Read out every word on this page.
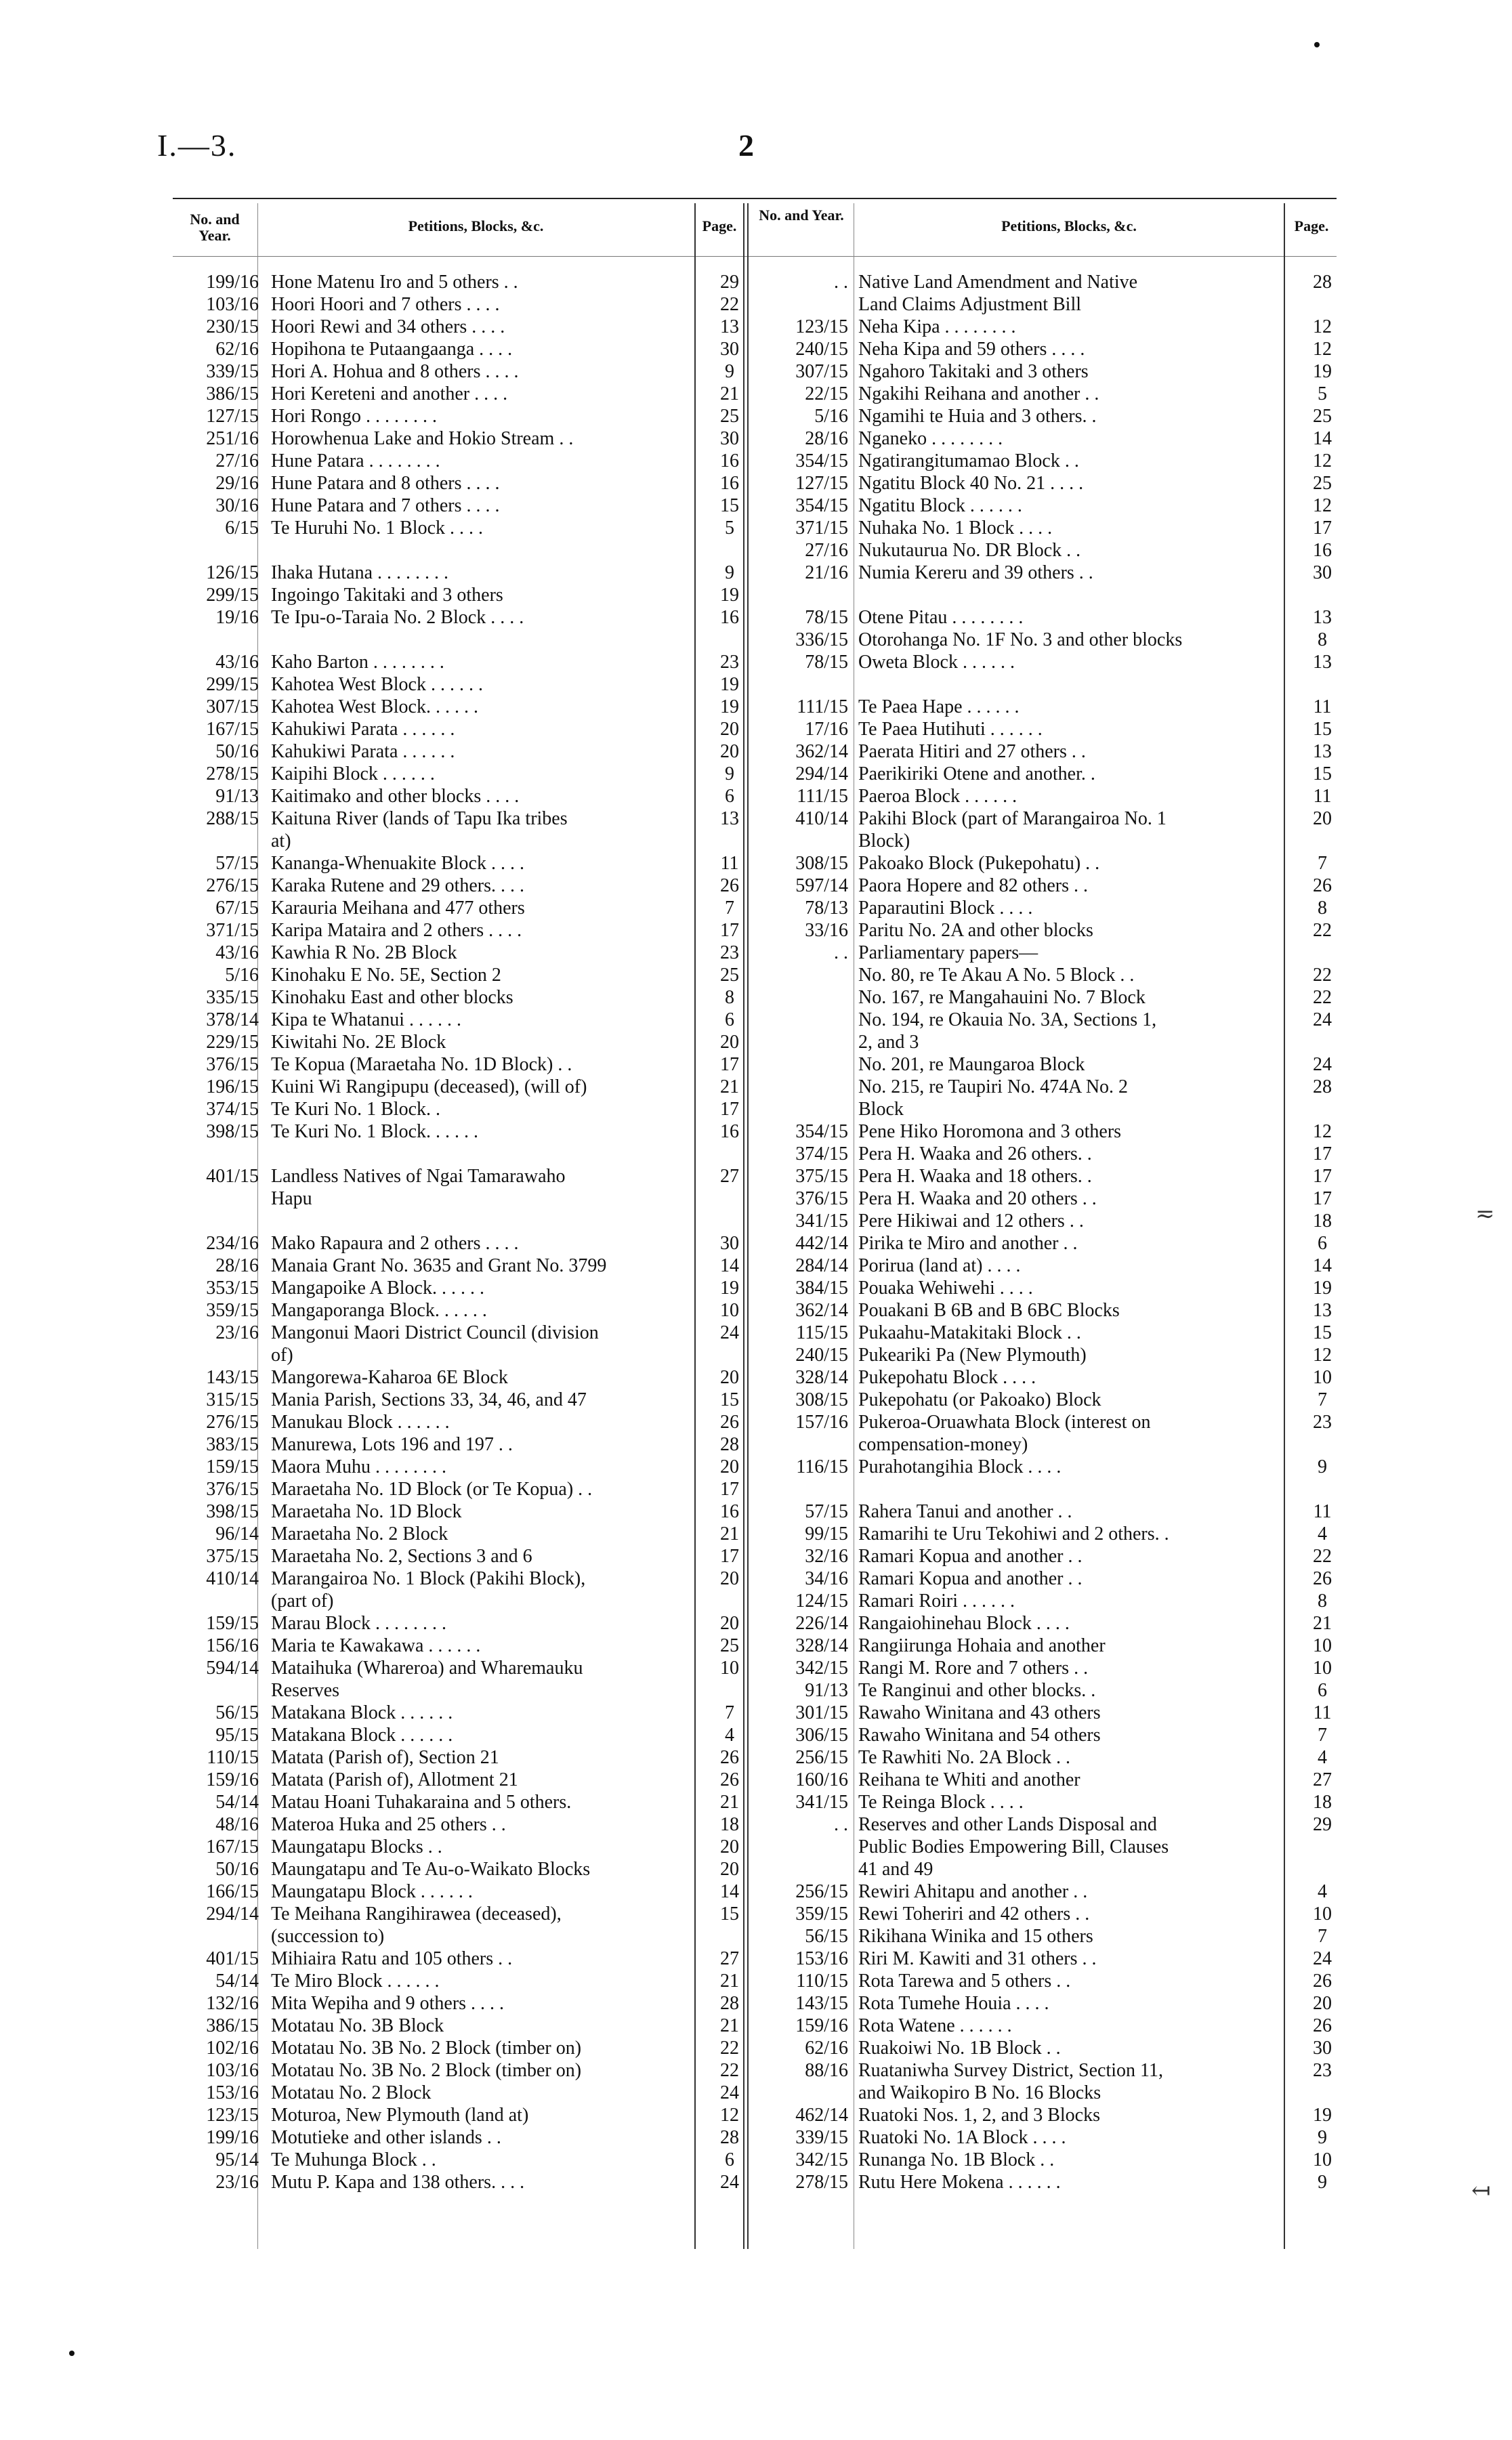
I.—3.	2
No. and Year.
Petitions, Blocks, &c.	Page.
No. and Year.
Petitions, Blocks, &c.	Page.
199/16 Hone Matenu Iro and 5 others . .	29
103/16 Hoori Hoori and 7 others . . . .	22
230/15 Hoori Rewi and 34 others . . . .	13
62/16 Hopihona te Putaangaanga . . . .	30
339/15 Hori A. Hohua and 8 others . . . .	9
386/15 Hori Kereteni and another . . . .	21
127/15 Hori Rongo . . . . . . . .	25
251/16 Horowhenua Lake and Hokio Stream . .	30
27/16 Hune Patara . . . . . . . .	16
29/16 Hune Patara and 8 others . . . .	16
30/16 Hune Patara and 7 others . . . .	15
6/15 Te Huruhi No. 1 Block . . . .	5
126/15 Ihaka Hutana . . . . . . . .	9
299/15 Ingoingo Takitaki and 3 others	19
19/16 Te Ipu-o-Taraia No. 2 Block . . . .	16
43/16 Kaho Barton . . . . . . . .	23
299/15 Kahotea West Block . . . . . .	19
307/15 Kahotea West Block. . . . . .	19
167/15 Kahukiwi Parata . . . . . .	20
50/16 Kahukiwi Parata . . . . . .	20
278/15 Kaipihi Block . . . . . .	9
91/13 Kaitimako and other blocks . . . .	6
288/15 Kaituna River (lands of Tapu Ika tribes	13
at)
57/15 Kananga-Whenuakite Block . . . .	11
276/15 Karaka Rutene and 29 others. . . .	26
67/15 Karauria Meihana and 477 others	7
371/15 Karipa Mataira and 2 others . . . .	17
43/16 Kawhia R No. 2B Block	23
5/16 Kinohaku E No. 5E, Section 2	25
335/15 Kinohaku East and other blocks	8
378/14 Kipa te Whatanui . . . . . .	6
229/15 Kiwitahi No. 2E Block	20
376/15 Te Kopua (Maraetaha No. 1D Block) . .	17
196/15 Kuini Wi Rangipupu (deceased), (will of)	21
374/15 Te Kuri No. 1 Block. .	17
398/15 Te Kuri No. 1 Block. . . . . .	16
401/15 Landless Natives of Ngai Tamarawaho	27
Hapu
234/16 Mako Rapaura and 2 others . . . .	30
28/16 Manaia Grant No. 3635 and Grant No. 3799	14
353/15 Mangapoike A Block. . . . . .	19
359/15 Mangaporanga Block. . . . . .	10
23/16 Mangonui Maori District Council (division	24
of)
143/15 Mangorewa-Kaharoa 6E Block	20
315/15 Mania Parish, Sections 33, 34, 46, and 47	15
276/15 Manukau Block . . . . . .	26
383/15 Manurewa, Lots 196 and 197 . .	28
159/15 Maora Muhu . . . . . . . .	20
376/15 Maraetaha No. 1D Block (or Te Kopua) . .	17
398/15 Maraetaha No. 1D Block	16
96/14 Maraetaha No. 2 Block	21
375/15 Maraetaha No. 2, Sections 3 and 6	17
410/14 Marangairoa No. 1 Block (Pakihi Block),	20
(part of)
159/15 Marau Block . . . . . . . .	20
156/16 Maria te Kawakawa . . . . . .	25
594/14 Mataihuka (Whareroa) and Wharemauku	10
Reserves
56/15 Matakana Block . . . . . .	7
95/15 Matakana Block . . . . . .	4
110/15 Matata (Parish of), Section 21	26
159/16 Matata (Parish of), Allotment 21	26
54/14 Matau Hoani Tuhakaraina and 5 others.	21
48/16 Materoa Huka and 25 others . .	18
167/15 Maungatapu Blocks . .	20
50/16 Maungatapu and Te Au-o-Waikato Blocks	20
166/15 Maungatapu Block . . . . . .	14
294/14 Te Meihana Rangihirawea (deceased),	15
(succession to)
401/15 Mihiaira Ratu and 105 others . .	27
54/14 Te Miro Block . . . . . .	21
132/16 Mita Wepiha and 9 others . . . .	28
386/15 Motatau No. 3B Block	21
102/16 Motatau No. 3B No. 2 Block (timber on)	22
103/16 Motatau No. 3B No. 2 Block (timber on)	22
153/16 Motatau No. 2 Block	24
123/15 Moturoa, New Plymouth (land at)	12
199/16 Motutieke and other islands . .	28
95/14 Te Muhunga Block . .	6
23/16 Mutu P. Kapa and 138 others. . . .	24
. . Native Land Amendment and Native	28
Land Claims Adjustment Bill
123/15 Neha Kipa . . . . . . . .	12
240/15 Neha Kipa and 59 others . . . .	12
307/15 Ngahoro Takitaki and 3 others	19
22/15 Ngakihi Reihana and another . .	5
5/16 Ngamihi te Huia and 3 others. .	25
28/16 Nganeko . . . . . . . .	14
354/15 Ngatirangitumamao Block . .	12
127/15 Ngatitu Block 40 No. 21 . . . .	25
354/15 Ngatitu Block . . . . . .	12
371/15 Nuhaka No. 1 Block . . . .	17
27/16 Nukutaurua No. DR Block . .	16
21/16 Numia Kereru and 39 others . .	30
78/15 Otene Pitau . . . . . . . .	13
336/15 Otorohanga No. 1F No. 3 and other blocks	8
78/15 Oweta Block . . . . . .	13
111/15 Te Paea Hape . . . . . .	11
17/16 Te Paea Hutihuti . . . . . .	15
362/14 Paerata Hitiri and 27 others . .	13
294/14 Paerikiriki Otene and another. .	15
111/15 Paeroa Block . . . . . .	11
410/14 Pakihi Block (part of Marangairoa No. 1	20
Block)
308/15 Pakoako Block (Pukepohatu) . .	7
597/14 Paora Hopere and 82 others . .	26
78/13 Paparautini Block . . . .	8
33/16 Paritu No. 2A and other blocks	22
. . Parliamentary papers—
No. 80, re Te Akau A No. 5 Block . .	22
No. 167, re Mangahauini No. 7 Block	22
No. 194, re Okauia No. 3A, Sections 1,	24
2, and 3
No. 201, re Maungaroa Block	24
No. 215, re Taupiri No. 474A No. 2	28
Block
354/15 Pene Hiko Horomona and 3 others	12
374/15 Pera H. Waaka and 26 others. .	17
375/15 Pera H. Waaka and 18 others. .	17
376/15 Pera H. Waaka and 20 others . .	17
341/15 Pere Hikiwai and 12 others . .	18
442/14 Pirika te Miro and another . .	6
284/14 Porirua (land at) . . . .	14
384/15 Pouaka Wehiwehi . . . .	19
362/14 Pouakani B 6B and B 6BC Blocks	13
115/15 Pukaahu-Matakitaki Block . .	15
240/15 Pukeariki Pa (New Plymouth)	12
328/14 Pukepohatu Block . . . .	10
308/15 Pukepohatu (or Pakoako) Block	7
157/16 Pukeroa-Oruawhata Block (interest on	23
compensation-money)
116/15 Purahotangihia Block . . . .	9
57/15 Rahera Tanui and another . .	11
99/15 Ramarihi te Uru Tekohiwi and 2 others. .	4
32/16 Ramari Kopua and another . .	22
34/16 Ramari Kopua and another . .	26
124/15 Ramari Roiri . . . . . .	8
226/14 Rangaiohinehau Block . . . .	21
328/14 Rangiirunga Hohaia and another	10
342/15 Rangi M. Rore and 7 others . .	10
91/13 Te Ranginui and other blocks. .	6
301/15 Rawaho Winitana and 43 others	11
306/15 Rawaho Winitana and 54 others	7
256/15 Te Rawhiti No. 2A Block . .	4
160/16 Reihana te Whiti and another	27
341/15 Te Reinga Block . . . .	18
. . Reserves and other Lands Disposal and	29
Public Bodies Empowering Bill, Clauses
41 and 49
256/15 Rewiri Ahitapu and another . .	4
359/15 Rewi Toheriri and 42 others . .	10
56/15 Rikihana Winika and 15 others	7
153/16 Riri M. Kawiti and 31 others . .	24
110/15 Rota Tarewa and 5 others . .	26
143/15 Rota Tumehe Houia . . . .	20
159/16 Rota Watene . . . . . .	26
62/16 Ruakoiwi No. 1B Block . .	30
88/16 Ruataniwha Survey District, Section 11,	23
and Waikopiro B No. 16 Blocks
462/14 Ruatoki Nos. 1, 2, and 3 Blocks	19
339/15 Ruatoki No. 1A Block . . . .	9
342/15 Runanga No. 1B Block . .	10
278/15 Rutu Here Mokena . . . . . .	9
≂
↤
